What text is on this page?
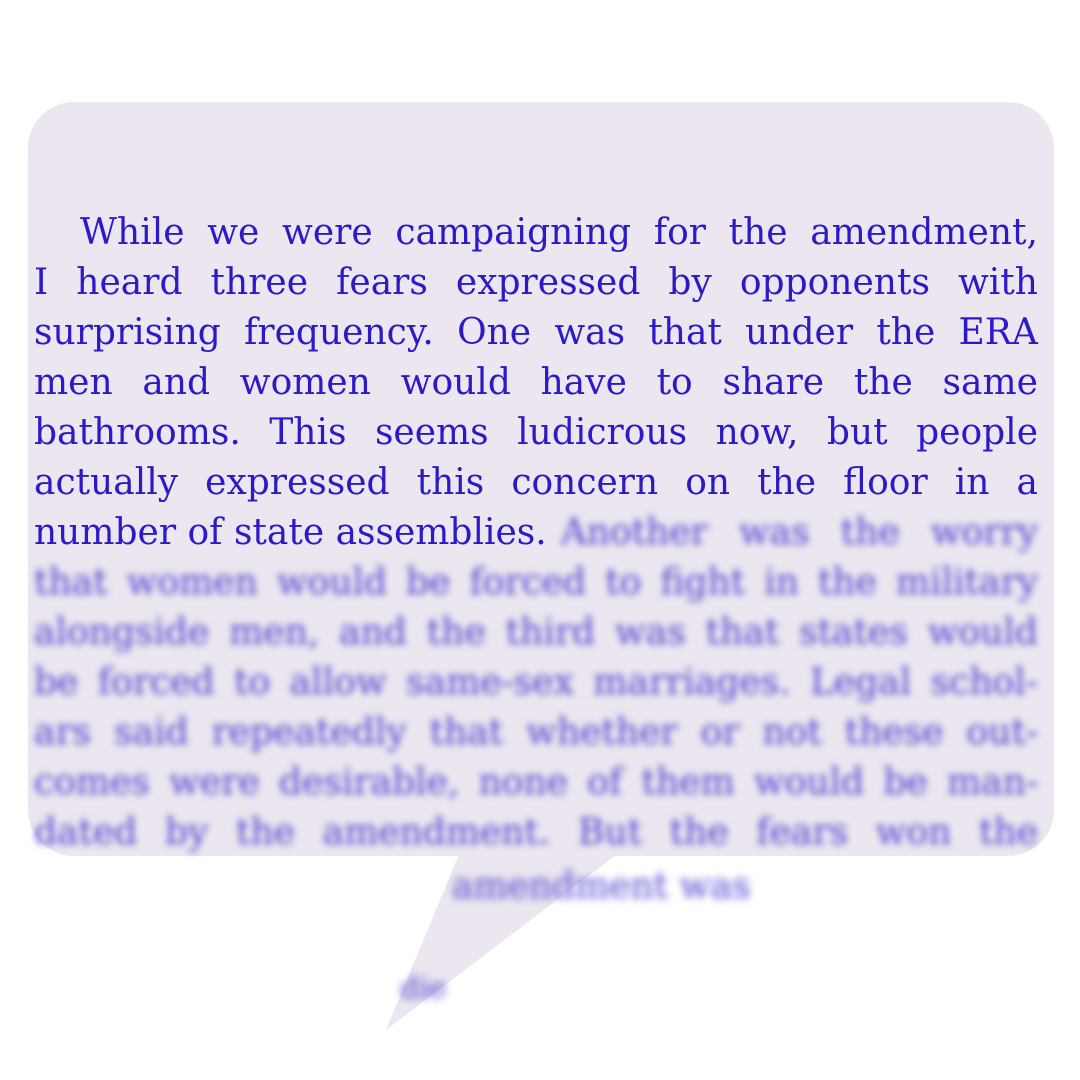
While we were campaigning for the amendment,
I heard three fears expressed by opponents with
surprising frequency. One was that under the ERA
men and women would have to share the same
bathrooms. This seems ludicrous now, but people
actually expressed this concern on the floor in a
number of state assemblies. Another was the worry
that women would be forced to fight in the military
alongside men, and the third was that states would
be forced to allow same-sex marriages. Legal schol-
ars said repeatedly that whether or not these out-
comes were desirable, none of them would be man-
dated by the amendment. But the fears won the
amendment was
die
